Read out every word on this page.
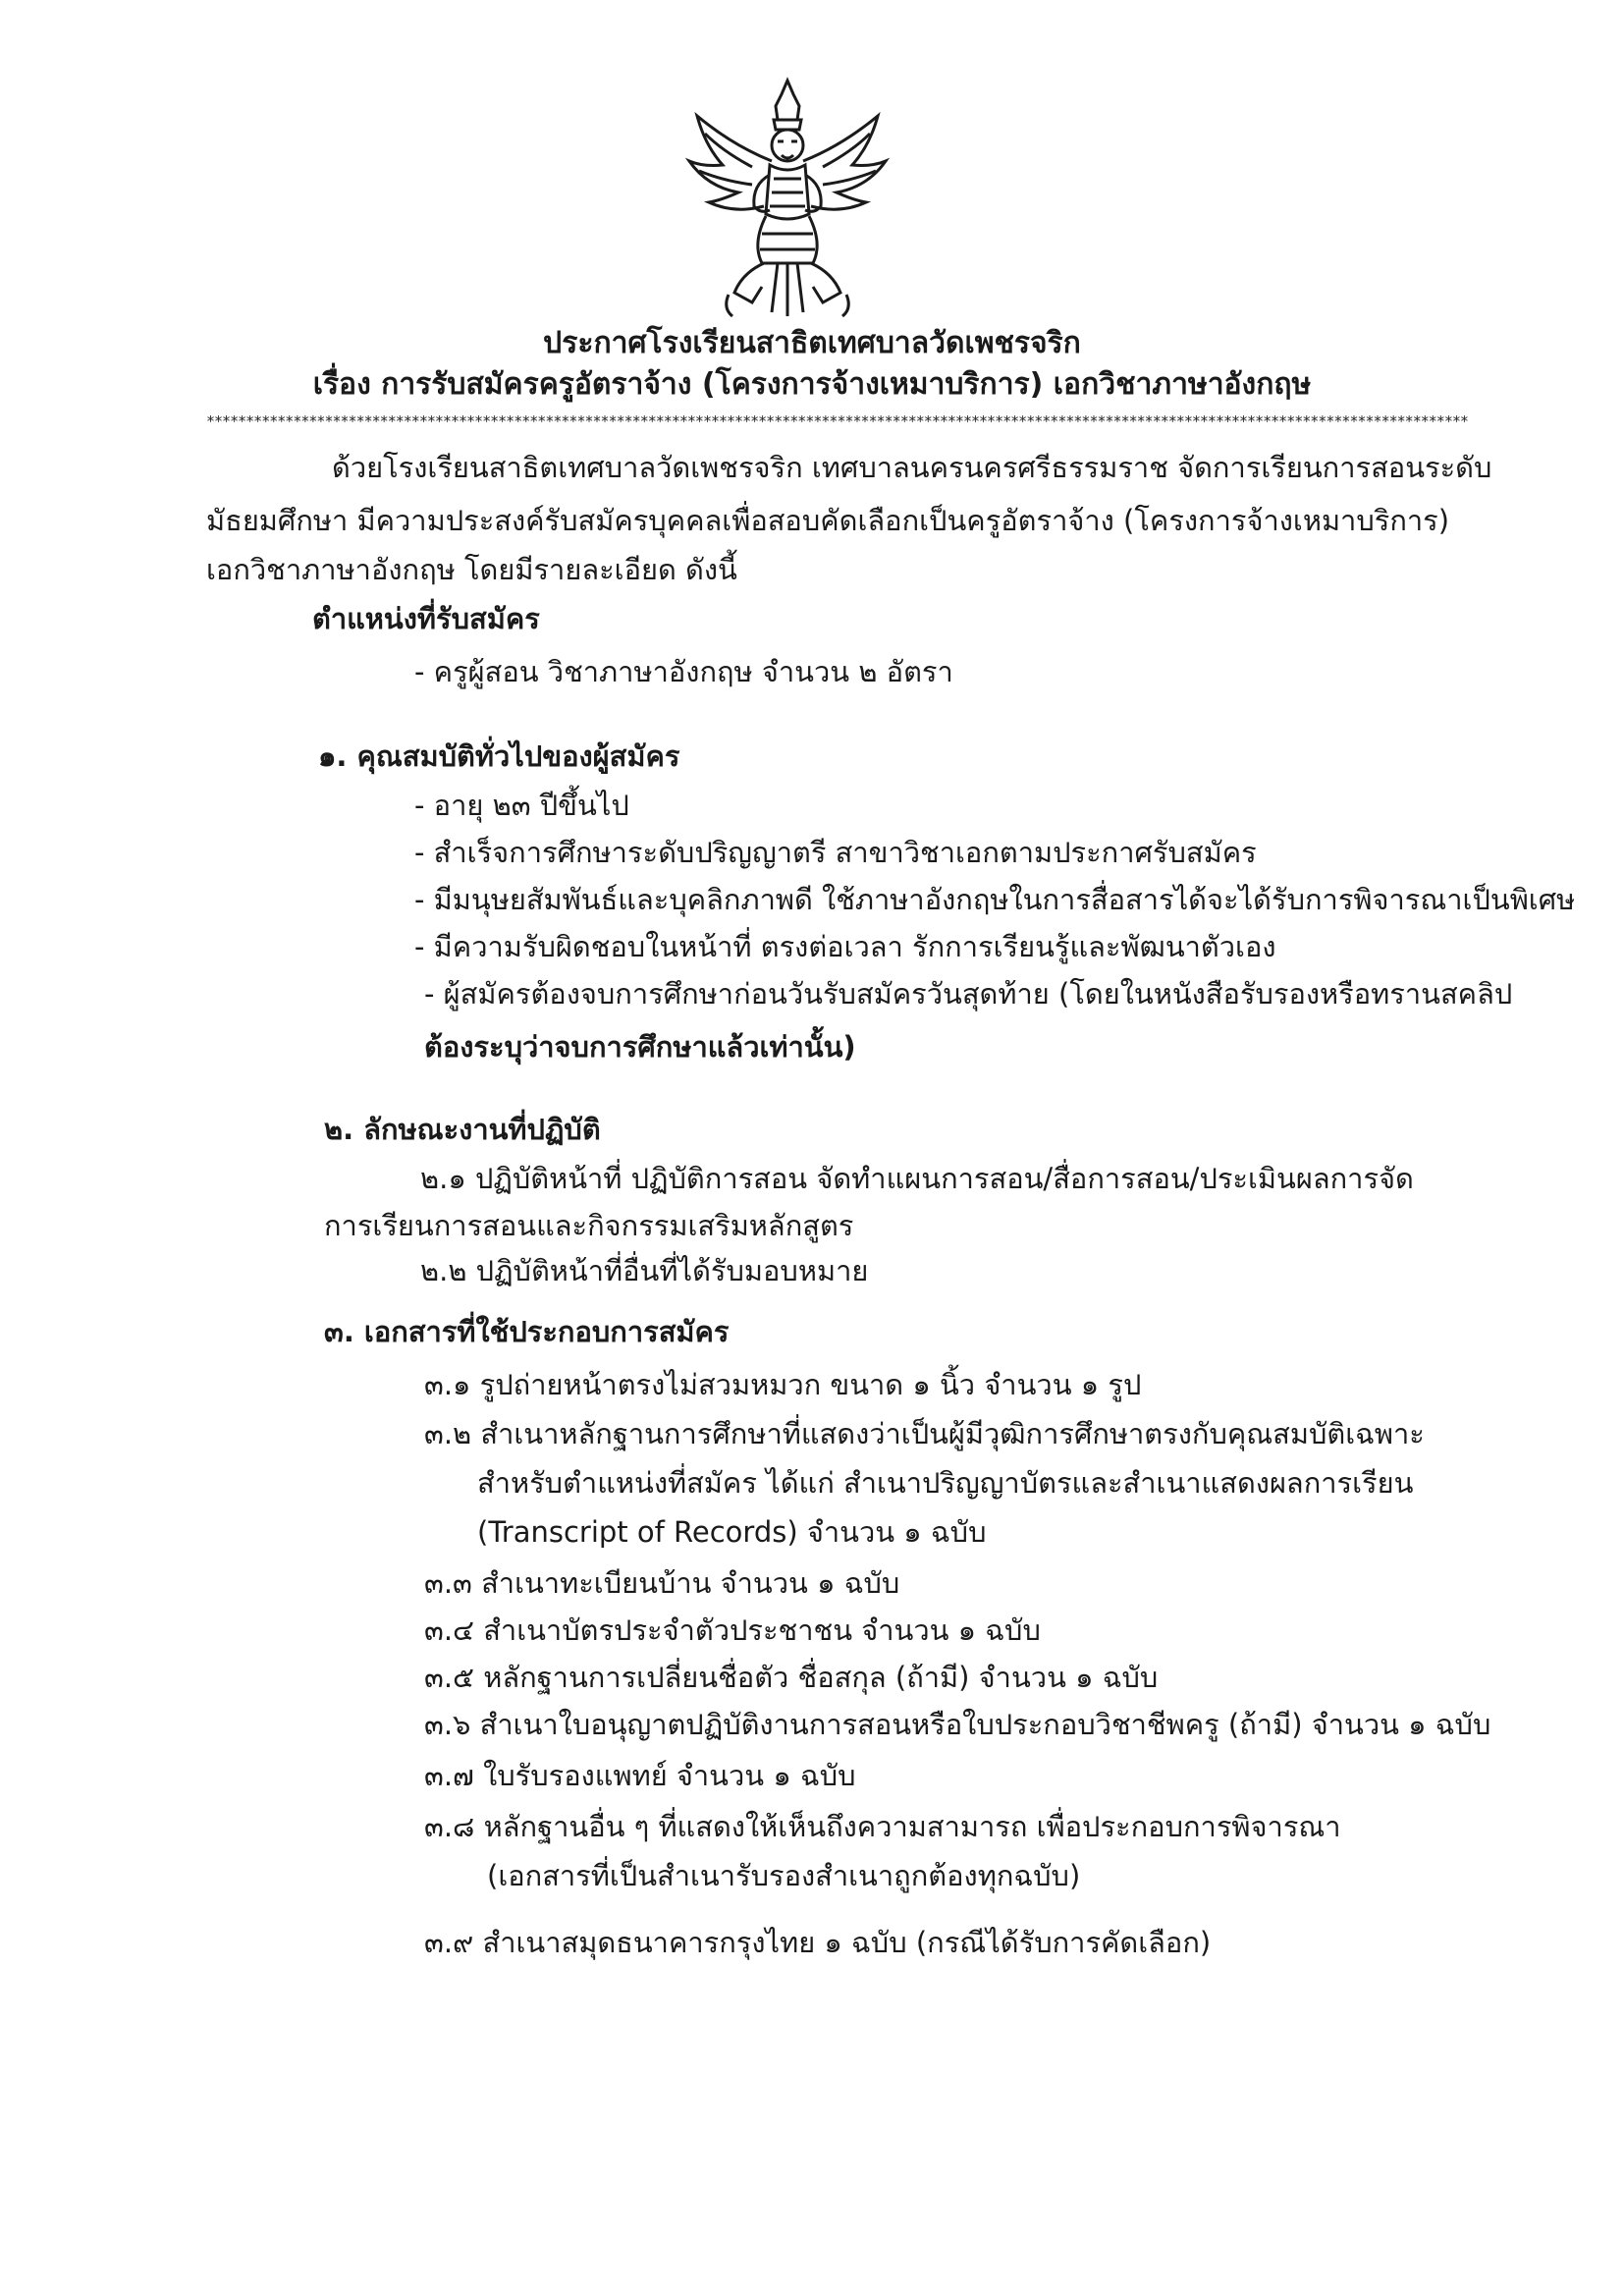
ประกาศโรงเรียนสาธิตเทศบาลวัดเพชรจริก
เรื่อง การรับสมัครครูอัตราจ้าง (โครงการจ้างเหมาบริการ) เอกวิชาภาษาอังกฤษ
****************************************************************************************************************************************************************
ด้วยโรงเรียนสาธิตเทศบาลวัดเพชรจริก เทศบาลนครนครศรีธรรมราช จัดการเรียนการสอนระดับ
มัธยมศึกษา มีความประสงค์รับสมัครบุคคลเพื่อสอบคัดเลือกเป็นครูอัตราจ้าง (โครงการจ้างเหมาบริการ)
เอกวิชาภาษาอังกฤษ โดยมีรายละเอียด ดังนี้
ตำแหน่งที่รับสมัคร
- ครูผู้สอน วิชาภาษาอังกฤษ จำนวน ๒ อัตรา
๑. คุณสมบัติทั่วไปของผู้สมัคร
- อายุ ๒๓ ปีขึ้นไป
- สำเร็จการศึกษาระดับปริญญาตรี สาขาวิชาเอกตามประกาศรับสมัคร
- มีมนุษยสัมพันธ์และบุคลิกภาพดี ใช้ภาษาอังกฤษในการสื่อสารได้จะได้รับการพิจารณาเป็นพิเศษ
- มีความรับผิดชอบในหน้าที่ ตรงต่อเวลา รักการเรียนรู้และพัฒนาตัวเอง
- ผู้สมัครต้องจบการศึกษาก่อนวันรับสมัครวันสุดท้าย (โดยในหนังสือรับรองหรือทรานสคลิป
ต้องระบุว่าจบการศึกษาแล้วเท่านั้น)
๒. ลักษณะงานที่ปฏิบัติ
๒.๑ ปฏิบัติหน้าที่ ปฏิบัติการสอน จัดทำแผนการสอน/สื่อการสอน/ประเมินผลการจัด
การเรียนการสอนและกิจกรรมเสริมหลักสูตร
๒.๒ ปฏิบัติหน้าที่อื่นที่ได้รับมอบหมาย
๓. เอกสารที่ใช้ประกอบการสมัคร
๓.๑ รูปถ่ายหน้าตรงไม่สวมหมวก ขนาด ๑ นิ้ว จำนวน ๑ รูป
๓.๒ สำเนาหลักฐานการศึกษาที่แสดงว่าเป็นผู้มีวุฒิการศึกษาตรงกับคุณสมบัติเฉพาะ
สำหรับตำแหน่งที่สมัคร ได้แก่ สำเนาปริญญาบัตรและสำเนาแสดงผลการเรียน
(Transcript of Records) จำนวน ๑ ฉบับ
๓.๓ สำเนาทะเบียนบ้าน จำนวน ๑ ฉบับ
๓.๔ สำเนาบัตรประจำตัวประชาชน จำนวน ๑ ฉบับ
๓.๕ หลักฐานการเปลี่ยนชื่อตัว ชื่อสกุล (ถ้ามี) จำนวน ๑ ฉบับ
๓.๖ สำเนาใบอนุญาตปฏิบัติงานการสอนหรือใบประกอบวิชาชีพครู (ถ้ามี) จำนวน ๑ ฉบับ
๓.๗ ใบรับรองแพทย์ จำนวน ๑ ฉบับ
๓.๘ หลักฐานอื่น ๆ ที่แสดงให้เห็นถึงความสามารถ เพื่อประกอบการพิจารณา
(เอกสารที่เป็นสำเนารับรองสำเนาถูกต้องทุกฉบับ)
๓.๙ สำเนาสมุดธนาคารกรุงไทย ๑ ฉบับ (กรณีได้รับการคัดเลือก)
